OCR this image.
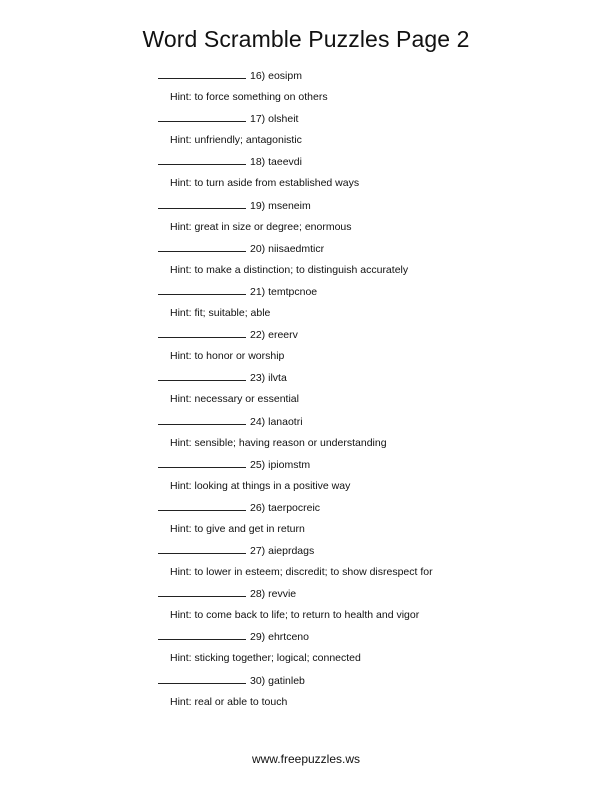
Word Scramble Puzzles Page 2
16) eosipm
Hint: to force something on others
17) olsheit
Hint: unfriendly; antagonistic
18) taeevdi
Hint: to turn aside from established ways
19) mseneim
Hint: great in size or degree; enormous
20) niisaedmticr
Hint: to make a distinction; to distinguish accurately
21) temtpcnoe
Hint: fit; suitable; able
22) ereerv
Hint: to honor or worship
23) ilvta
Hint: necessary or essential
24) lanaotri
Hint: sensible; having reason or understanding
25) ipiomstm
Hint: looking at things in a positive way
26) taerpocreic
Hint: to give and get in return
27) aieprdags
Hint: to lower in esteem; discredit; to show disrespect for
28) revvie
Hint: to come back to life; to return to health and vigor
29) ehrtceno
Hint: sticking together; logical; connected
30) gatinleb
Hint: real or able to touch
www.freepuzzles.ws
